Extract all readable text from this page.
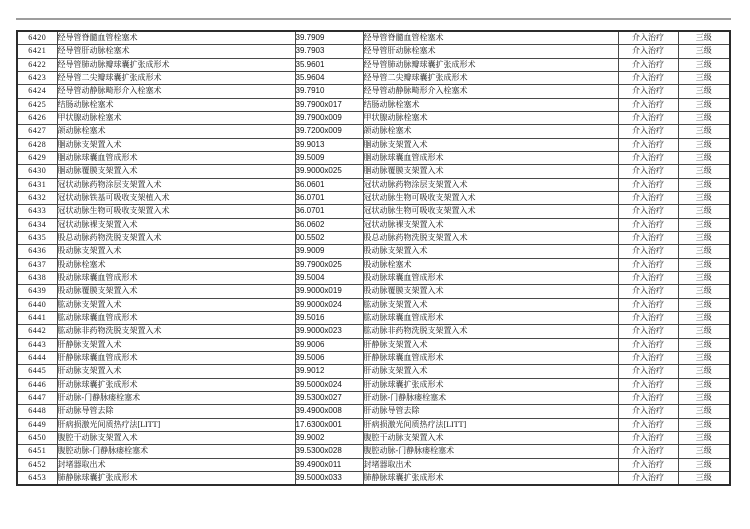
6420	经导管脊髓血管栓塞术	39.7909	经导管脊髓血管栓塞术	介入治疗	三级
6421	经导管肝动脉栓塞术	39.7903	经导管肝动脉栓塞术	介入治疗	三级
6422	经导管肺动脉瓣球囊扩张成形术	35.9601	经导管肺动脉瓣球囊扩张成形术	介入治疗	三级
6423	经导管二尖瓣球囊扩张成形术	35.9604	经导管二尖瓣球囊扩张成形术	介入治疗	三级
6424	经导管动静脉畸形介入栓塞术	39.7910	经导管动静脉畸形介入栓塞术	介入治疗	三级
6425	结肠动脉栓塞术	39.7900x017	结肠动脉栓塞术	介入治疗	三级
6426	甲状腺动脉栓塞术	39.7900x009	甲状腺动脉栓塞术	介入治疗	三级
6427	颌动脉栓塞术	39.7200x009	颌动脉栓塞术	介入治疗	三级
6428	腘动脉支架置入术	39.9013	腘动脉支架置入术	介入治疗	三级
6429	腘动脉球囊血管成形术	39.5009	腘动脉球囊血管成形术	介入治疗	三级
6430	腘动脉覆膜支架置入术	39.9000x025	腘动脉覆膜支架置入术	介入治疗	三级
6431	冠状动脉药物涂层支架置入术	36.0601	冠状动脉药物涂层支架置入术	介入治疗	三级
6432	冠状动脉铁基可吸收支架植入术	36.0701	冠状动脉生物可吸收支架置入术	介入治疗	三级
6433	冠状动脉生物可吸收支架置入术	36.0701	冠状动脉生物可吸收支架置入术	介入治疗	三级
6434	冠状动脉裸支架置入术	36.0602	冠状动脉裸支架置入术	介入治疗	三级
6435	股总动脉药物洗脱支架置入术	00.5502	股总动脉药物洗脱支架置入术	介入治疗	三级
6436	股动脉支架置入术	39.9009	股动脉支架置入术	介入治疗	三级
6437	股动脉栓塞术	39.7900x025	股动脉栓塞术	介入治疗	三级
6438	股动脉球囊血管成形术	39.5004	股动脉球囊血管成形术	介入治疗	三级
6439	股动脉覆膜支架置入术	39.9000x019	股动脉覆膜支架置入术	介入治疗	三级
6440	肱动脉支架置入术	39.9000x024	肱动脉支架置入术	介入治疗	三级
6441	肱动脉球囊血管成形术	39.5016	肱动脉球囊血管成形术	介入治疗	三级
6442	肱动脉非药物洗脱支架置入术	39.9000x023	肱动脉非药物洗脱支架置入术	介入治疗	三级
6443	肝静脉支架置入术	39.9006	肝静脉支架置入术	介入治疗	三级
6444	肝静脉球囊血管成形术	39.5006	肝静脉球囊血管成形术	介入治疗	三级
6445	肝动脉支架置入术	39.9012	肝动脉支架置入术	介入治疗	三级
6446	肝动脉球囊扩张成形术	39.5000x024	肝动脉球囊扩张成形术	介入治疗	三级
6447	肝动脉-门静脉瘘栓塞术	39.5300x027	肝动脉-门静脉瘘栓塞术	介入治疗	三级
6448	肝动脉导管去除	39.4900x008	肝动脉导管去除	介入治疗	三级
6449	肝病损激光间质热疗法[LITT]	17.6300x001	肝病损激光间质热疗法[LITT]	介入治疗	三级
6450	腹腔干动脉支架置入术	39.9002	腹腔干动脉支架置入术	介入治疗	三级
6451	腹腔动脉-门静脉瘘栓塞术	39.5300x028	腹腔动脉-门静脉瘘栓塞术	介入治疗	三级
6452	封堵器取出术	39.4900x011	封堵器取出术	介入治疗	三级
6453	肺静脉球囊扩张成形术	39.5000x033	肺静脉球囊扩张成形术	介入治疗	三级
